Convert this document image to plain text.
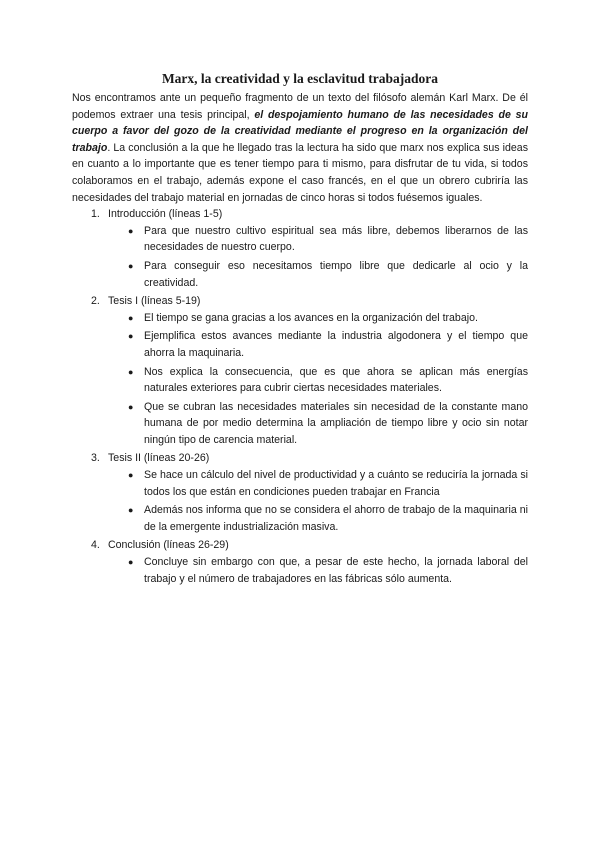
Marx, la creatividad y la esclavitud trabajadora

Nos encontramos ante un pequeño fragmento de un texto del filósofo alemán Karl Marx. De él podemos extraer una tesis principal, el despojamiento humano de las necesidades de su cuerpo a favor del gozo de la creatividad mediante el progreso en la organización del trabajo. La conclusión a la que he llegado tras la lectura ha sido que marx nos explica sus ideas en cuanto a lo importante que es tener tiempo para ti mismo, para disfrutar de tu vida, si todos colaboramos en el trabajo, además expone el caso francés, en el que un obrero cubriría las necesidades del trabajo material en jornadas de cinco horas si todos fuésemos iguales.

1. Introducción (líneas 1-5)
● Para que nuestro cultivo espiritual sea más libre, debemos liberarnos de las necesidades de nuestro cuerpo.
● Para conseguir eso necesitamos tiempo libre que dedicarle al ocio y la creatividad.
2. Tesis I (líneas 5-19)
● El tiempo se gana gracias a los avances en la organización del trabajo.
● Ejemplifica estos avances mediante la industria algodonera y el tiempo que ahorra la maquinaria.
● Nos explica la consecuencia, que es que ahora se aplican más energías naturales exteriores para cubrir ciertas necesidades materiales.
● Que se cubran las necesidades materiales sin necesidad de la constante mano humana de por medio determina la ampliación de tiempo libre y ocio sin notar ningún tipo de carencia material.
3. Tesis II (líneas 20-26)
● Se hace un cálculo del nivel de productividad y a cuánto se reduciría la jornada si todos los que están en condiciones pueden trabajar en Francia
● Además nos informa que no se considera el ahorro de trabajo de la maquinaria ni de la emergente industrialización masiva.
4. Conclusión (líneas 26-29)
● Concluye sin embargo con que, a pesar de este hecho, la jornada laboral del trabajo y el número de trabajadores en las fábricas sólo aumenta.
